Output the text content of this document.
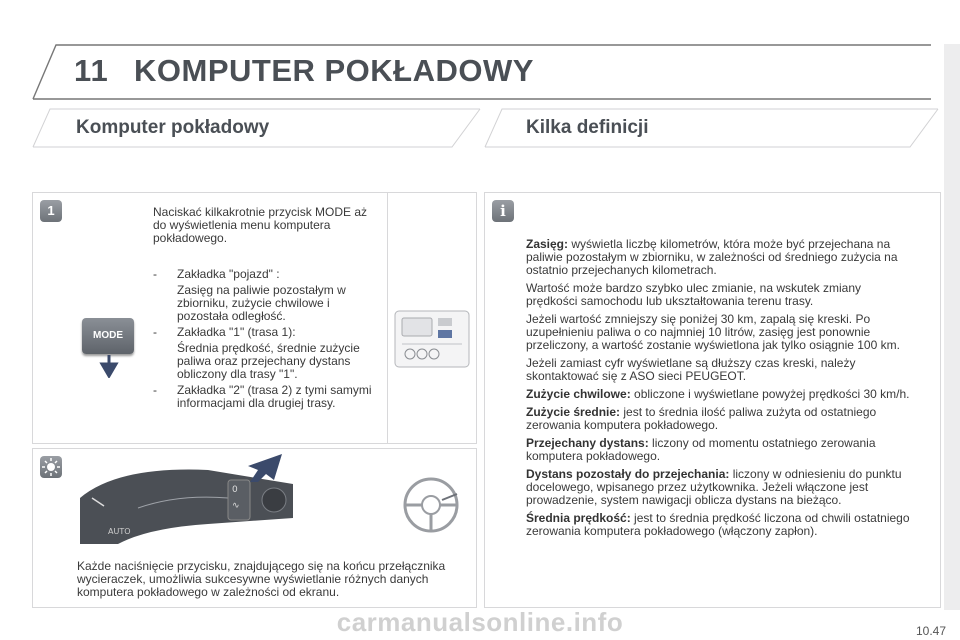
11 KOMPUTER POKŁADOWY
Komputer pokładowy	Kilka definicji
1	Naciskać kilkakrotnie przycisk MODE aż do wyświetlenia menu komputera pokładowego.
- Zakładka "pojazd" :
Zasięg na paliwie pozostałym w zbiorniku, zużycie chwilowe i pozostała odległość.
- Zakładka "1" (trasa 1):
Średnia prędkość, średnie zużycie paliwa oraz przejechany dystans obliczony dla trasy "1".
- Zakładka "2" (trasa 2) z tymi samymi informacjami dla drugiej trasy.
MODE
0
∿
AUTO
Każde naciśnięcie przycisku, znajdującego się na końcu przełącznika wycieraczek, umożliwia sukcesywne wyświetlanie różnych danych komputera pokładowego w zależności od ekranu.
i

Zasięg: wyświetla liczbę kilometrów, która może być przejechana na paliwie pozostałym w zbiorniku, w zależności od średniego zużycia na ostatnio przejechanych kilometrach.

Wartość może bardzo szybko ulec zmianie, na wskutek zmiany prędkości samochodu lub ukształtowania terenu trasy.

Jeżeli wartość zmniejszy się poniżej 30 km, zapalą się kreski. Po uzupełnieniu paliwa o co najmniej 10 litrów, zasięg jest ponownie przeliczony, a wartość zostanie wyświetlona jak tylko osiągnie 100 km.

Jeżeli zamiast cyfr wyświetlane są dłuższy czas kreski, należy skontaktować się z ASO sieci PEUGEOT.

Zużycie chwilowe: obliczone i wyświetlane powyżej prędkości 30 km/h.

Zużycie średnie: jest to średnia ilość paliwa zużyta od ostatniego zerowania komputera pokładowego.

Przejechany dystans: liczony od momentu ostatniego zerowania komputera pokładowego.

Dystans pozostały do przejechania: liczony w odniesieniu do punktu docelowego, wpisanego przez użytkownika. Jeżeli włączone jest prowadzenie, system nawigacji oblicza dystans na bieżąco.

Średnia prędkość: jest to średnia prędkość liczona od chwili ostatniego zerowania komputera pokładowego (włączony zapłon).

carmanualsonline.info	10.47
